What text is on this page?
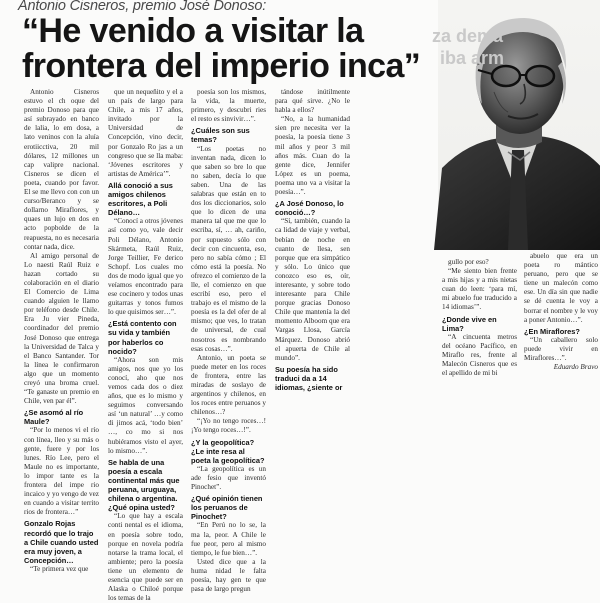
Antonio Cisneros, premio José Donoso:
“He venido a visitar la
frontera del imperio inca”
za dema
iba arm

Antonio Cisneros estuvo el ch oque del premio Donoso para que así subrayado en banco de lalia, lo em dosa, a lato veninos con la aluía erotiicctiva, 20 mil dólares, 12 millones un cap valipre nacional. Cisneros se dicen el poeta, cuando por favor. El se me llevo con con un curso/Beranco y se dollarno Miraflores, y quaes un lujo en dos en acto popbolde de la reapuesta, no es necesaria contar nada, dice.

Al amigo personal de Lo naesti Raúl Ruiz e hazan cortado su colaboración en el diario El Comercio de Lima cuando alguien le llamo por teléfono desde Chile. Era Ju vier Pineda, coordinador del premio José Donoso que entrega la Universidad de Talca y el Banco Santander. Tor la línea le confirmaron algo que un momento creyó una broma cruel. “Te ganaste un premio en Chile, ven par él”.

¿Se asomó al río Maule?

“Por lo menos vi el río con línea, lleo y su más o gente, fuere y por los lunes. Río Lee, pero el Maule no es importante, lo impor tante es la frontera del impe rio incaico y yo vengo de vez en cuando a visitar territo rios de frontera…”

Gonzalo Rojas recordó que lo trajo a Chile cuando usted era muy joven, a Concepción…

“Te primera vez que

que un nequeñito y el a un país de largo para Chile, a mis 17 años, invitado por la Universidad de Concepción, vino decir, por Gonzalo Ro jas a un congreso que se lla maba: ‘Jóvenes escritores y artistas de América’”.

Allá conoció a sus amigos chilenos escritores, a Poli Délano…

“Conocí a otros jóvenes así como yo, vale decir Poli Délano, Antonio Skármeta, Raúl Ruiz, Jorge Teillier, Fe derico Schopf. Los cuales mo dos de modo igual que yo veíamos encontrado para ese cocinero y todos unas guitarras y tonos fumos lo que quisimos ser…”.

¿Está contento con su vida y también por haberlos co nocido?

“Ahora son mis amigos, nos que yo los conocí, aho que nos vemos cada dos o diez años, que es lo mismo y seguimos conversando así ‘un natural’ …y como di jimos acá, ‘todo bien’ …, co mo si nos hubiéramos visto el ayer, lo mismo…”.

Se habla de una poesía a escala continental más que peruana, uruguaya, chilena o argentina. ¿Qué opina usted?

“Lo que hay a escala conti nental es el idioma, en poesía sobre todo, porque en novela podría notarse la trama local, el ambiente; pero la poesía tiene un elemento de esencia que puede ser en Alaska o Chiloé porque los temas de la

poesía son los mismos, la vida, la muerte, primero, y descubri ries el resto es sinvivir…”.

¿Cuáles son sus temas?

“Los poetas no inventan nada, dicen lo que saben so bre lo que no saben, decía lo que saben. Una de las salabras que están en to dos los diccionarios, solo que lo dicen de una manera tal que me que lo escriba, sí, … ah, cariño, por supuesto sólo con decir con cincuenta, eso, pero no sabía cómo ; El cómo está la poesía. No ofrezco el comienzo de la lle, el comienzo en que escribí eso, pero el trabajo es el mismo de la poesía es la del ofer de al mismo; que ves, lo tratan de universal, de cual nosotros es nombrando esas cosas…”.

Antonio, un poeta se puede meter en los roces de frontera, entre las miradas de soslayo de argentinos y chilenos, en los roces entre peruanos y chilenos…?

“¡Yo no tengo roces…! ¡Yo tengo roces…!”.

¿Y la geopolítica? ¿Le inte resa al poeta la geopolítica?

“La geopolítica es un ade fesio que inventó Pinochet”.

¿Qué opinión tienen los peruanos de Pinochet?

“En Perú no lo se, la ma la, peor. A Chile le fue peor, pero al mismo tiempo, le fue bien…”.

Usted dice que a la huma nidad le falta poesía, hay gen te que pasa de largo pregun

tándose inútilmente para qué sirve. ¿No le habla a ellos?

“No, a la humanidad sien pre necesita ver la poesía, la poesía tiene 3 mil años y peor 3 mil años más. Cuan do la gente dice, Jennifer López es un poema, poema uno va a visitar la poesía…”.

¿A José Donoso, lo conoció…?

“Sí, también, cuando la ca lidad de viaje y verbal, bebían de noche en cuanto de llesa, sen porque que era simpático y sólo. Lo único que conozco eso es, oír, interesante, y sobre todo interesante para Chile porque gracias Donoso Chile que mantenía la del momento Alboom que era Vargas Llosa, García Márquez. Donoso abrió el apuerta de Chile al mundo”.

Su poesía ha sido traduci da a 14 idiomas, ¿siente or

gullo por eso?

“Me siento bien frente a mis hijas y a mis nietas cuan do leen: ‘para mí, mi abuelo fue traducido a 14 idiomas’”.

¿Donde vive en Lima?

“A cincuenta metros del océano Pacífico, en Miraflo res, frente al Malecón Cisneros que es el apellido de mi bi

abuelo que era un poeta ro mántico peruano, pero que se tiene un malecón como ese. Un día sin que nadie se dé cuenta le voy a borrar el nombre y le voy a poner Antonio…”.

¿En Miraflores?

“Un caballero solo puede vivir en Miraflores…”.

Eduardo Bravo
